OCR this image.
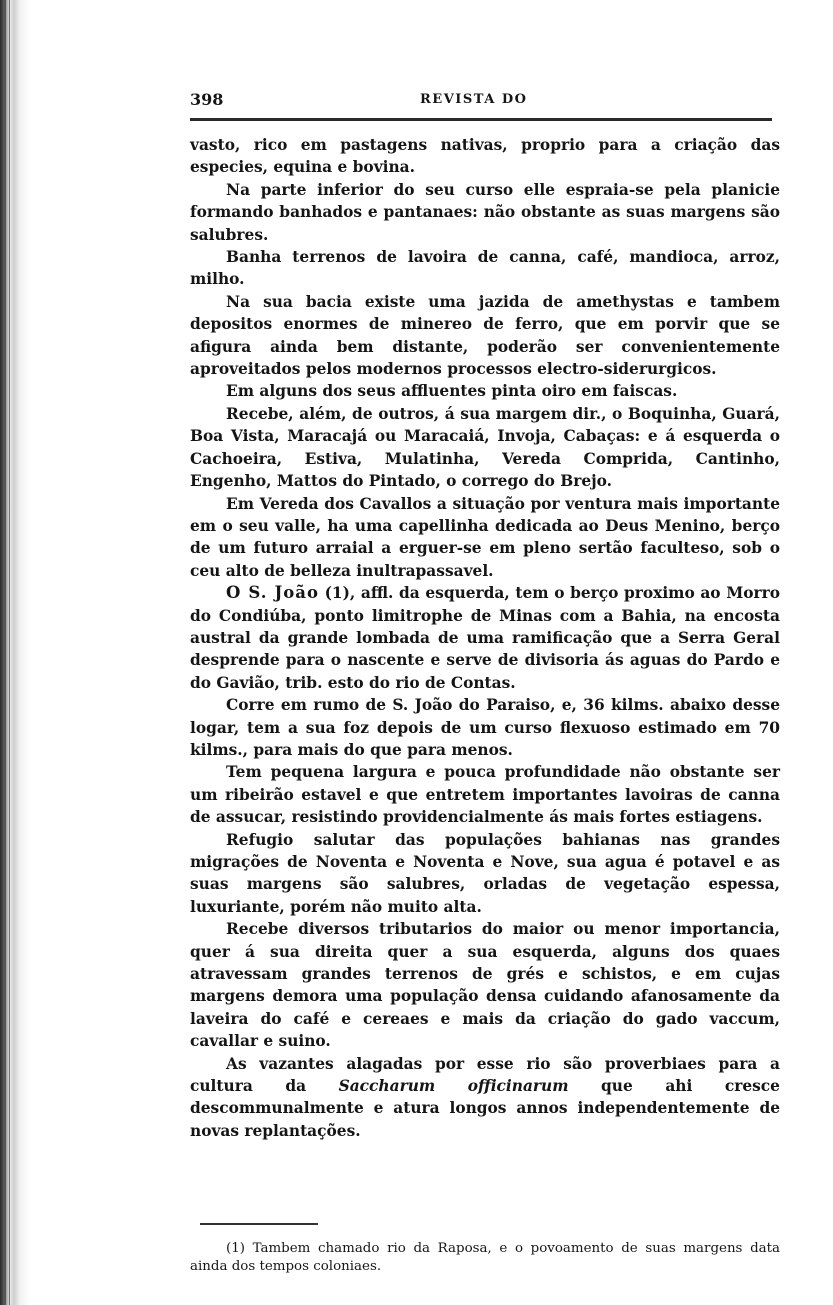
398	REVISTA DO

vasto, rico em pastagens nativas, proprio para a criação das especies, equina e bovina.

Na parte inferior do seu curso elle espraia-se pela planicie formando banhados e pantanaes: não obstante as suas margens são salubres.

Banha terrenos de lavoira de canna, café, mandioca, arroz, milho.

Na sua bacia existe uma jazida de amethystas e tambem depositos enormes de minereo de ferro, que em porvir que se afigura ainda bem distante, poderão ser convenientemente aproveitados pelos modernos processos electro-siderurgicos.

Em alguns dos seus affluentes pinta oiro em faiscas.

Recebe, além, de outros, á sua margem dir., o Boquinha, Guará, Boa Vista, Maracajá ou Maracaiá, Invoja, Cabaças: e á esquerda o Cachoeira, Estiva, Mulatinha, Vereda Comprida, Cantinho, Engenho, Mattos do Pintado, o corrego do Brejo.

Em Vereda dos Cavallos a situação por ventura mais importante em o seu valle, ha uma capellinha dedicada ao Deus Menino, berço de um futuro arraial a erguer-se em pleno sertão faculteso, sob o ceu alto de belleza inultrapassavel.

O S. João (1), affl. da esquerda, tem o berço proximo ao Morro do Condiúba, ponto limitrophe de Minas com a Bahia, na encosta austral da grande lombada de uma ramificação que a Serra Geral desprende para o nascente e serve de divisoria ás aguas do Pardo e do Gavião, trib. esto do rio de Contas.

Corre em rumo de S. João do Paraiso, e, 36 kilms. abaixo desse logar, tem a sua foz depois de um curso flexuoso estimado em 70 kilms., para mais do que para menos.

Tem pequena largura e pouca profundidade não obstante ser um ribeirão estavel e que entretem importantes lavoiras de canna de assucar, resistindo providencialmente ás mais fortes estiagens.

Refugio salutar das populações bahianas nas grandes migrações de Noventa e Noventa e Nove, sua agua é potavel e as suas margens são salubres, orladas de vegetação espessa, luxuriante, porém não muito alta.

Recebe diversos tributarios do maior ou menor importancia, quer á sua direita quer a sua esquerda, alguns dos quaes atravessam grandes terrenos de grés e schistos, e em cujas margens demora uma população densa cuidando afanosamente da laveira do café e cereaes e mais da criação do gado vaccum, cavallar e suino.

As vazantes alagadas por esse rio são proverbiaes para a cultura da Saccharum officinarum que ahi cresce descommunalmente e atura longos annos independentemente de novas replantações.

(1) Tambem chamado rio da Raposa, e o povoamento de suas margens data ainda dos tempos coloniaes.
